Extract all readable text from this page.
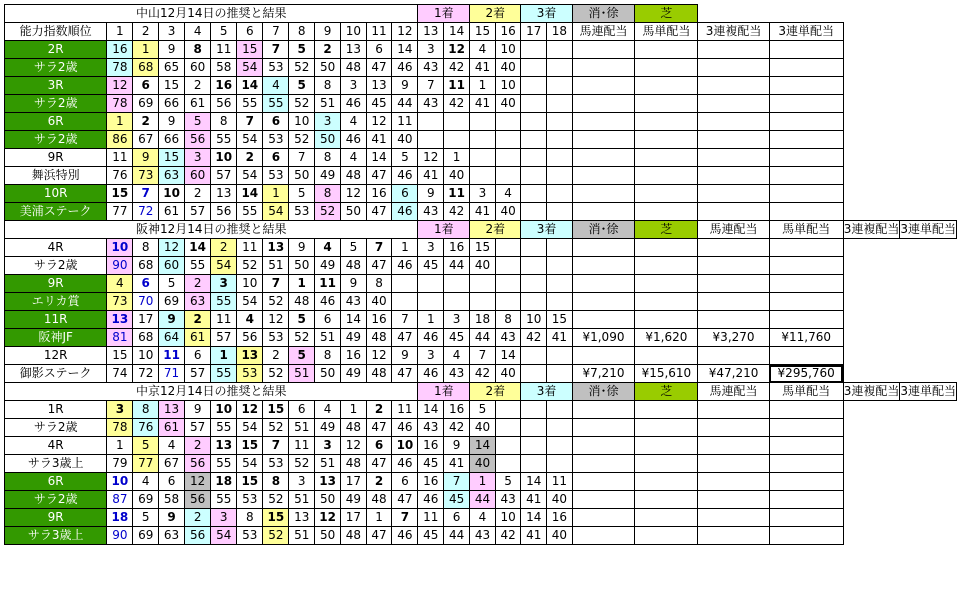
中山12月14日の推奨と結果													1着		2着		3着		消･徐	芝				
能力指数順位	1	2	3	4	5	6	7	8	9	10	11	12	13	14	15	16	17	18	馬連配当	馬単配当	3連複配当	3連単配当		
2R	16	1	9	8	11	15	7	5	2	13	6	14	3	12	4	10								
サラ2歳	78	68	65	60	58	54	53	52	50	48	47	46	43	42	41	40								
3R	12	6	15	2	16	14	4	5	8	3	13	9	7	11	1	10								
サラ2歳	78	69	66	61	56	55	55	52	51	46	45	44	43	42	41	40								
6R	1	2	9	5	8	7	6	10	3	4	12	11												
サラ2歳	86	67	66	56	55	54	53	52	50	46	41	40												
9R	11	9	15	3	10	2	6	7	8	4	14	5	12	1										
舞浜特別	76	73	63	60	57	54	53	50	49	48	47	46	41	40										
10R	15	7	10	2	13	14	1	5	8	12	16	6	9	11	3	4								
美浦ステーク	77	72	61	57	56	55	54	53	52	50	47	46	43	42	41	40								
阪神12月14日の推奨と結果													1着		2着		3着		消･徐	芝	馬連配当	馬単配当	3連複配当	3連単配当
4R	10	8	12	14	2	11	13	9	4	5	7	1	3	16	15									
サラ2歳	90	68	60	55	54	52	51	50	49	48	47	46	45	44	40									
9R	4	6	5	2	3	10	7	1	11	9	8													
エリカ賞	73	70	69	63	55	54	52	48	46	43	40													
11R	13	17	9	2	11	4	12	5	6	14	16	7	1	3	18	8	10	15						
阪神JF	81	68	64	61	57	56	53	52	51	49	48	47	46	45	44	43	42	41	¥1,090	¥1,620	¥3,270	¥11,760		
12R	15	10	11	6	1	13	2	5	8	16	12	9	3	4	7	14								
御影ステーク	74	72	71	57	55	53	52	51	50	49	48	47	46	43	42	40			¥7,210	¥15,610	¥47,210	¥295,760		
中京12月14日の推奨と結果													1着		2着		3着		消･徐	芝	馬連配当	馬単配当	3連複配当	3連単配当
1R	3	8	13	9	10	12	15	6	4	1	2	11	14	16	5									
サラ2歳	78	76	61	57	55	54	52	51	49	48	47	46	43	42	40									
4R	1	5	4	2	13	15	7	11	3	12	6	10	16	9	14									
サラ3歳上	79	77	67	56	55	54	53	52	51	48	47	46	45	41	40									
6R	10	4	6	12	18	15	8	3	13	17	2	6	16	7	1	5	14	11						
サラ2歳	87	69	58	56	55	53	52	51	50	49	48	47	46	45	44	43	41	40						
9R	18	5	9	2	3	8	15	13	12	17	1	7	11	6	4	10	14	16						
サラ3歳上	90	69	63	56	54	53	52	51	50	48	47	46	45	44	43	42	41	40						
